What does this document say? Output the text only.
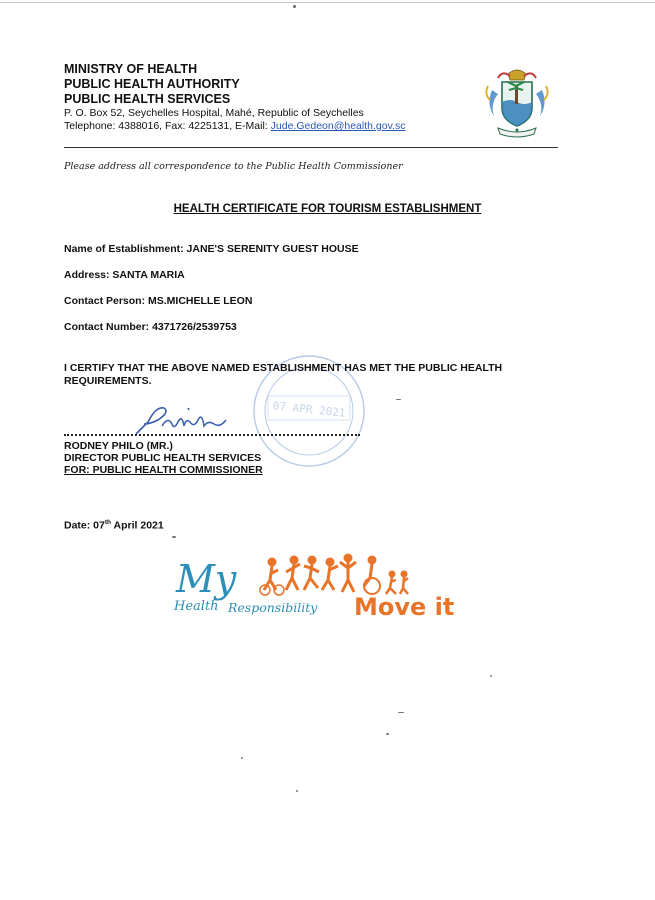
MINISTRY OF HEALTH
PUBLIC HEALTH AUTHORITY
PUBLIC HEALTH SERVICES
P. O. Box 52, Seychelles Hospital, Mahé, Republic of Seychelles
Telephone: 4388016, Fax: 4225131, E-Mail: Jude.Gedeon@health.gov.sc
Please address all correspondence to the Public Health Commissioner
HEALTH CERTIFICATE FOR TOURISM ESTABLISHMENT
Name of Establishment: JANE'S SERENITY GUEST HOUSE
Address: SANTA MARIA
Contact Person: MS.MICHELLE LEON
Contact Number: 4371726/2539753
07 APR 2021
I CERTIFY THAT THE ABOVE NAMED ESTABLISHMENT HAS MET THE PUBLIC HEALTH REQUIREMENTS.
RODNEY PHILO (MR.)
DIRECTOR PUBLIC HEALTH SERVICES
FOR: PUBLIC HEALTH COMMISSIONER
Date: 07th April 2021
My
Health Responsibility Move it
